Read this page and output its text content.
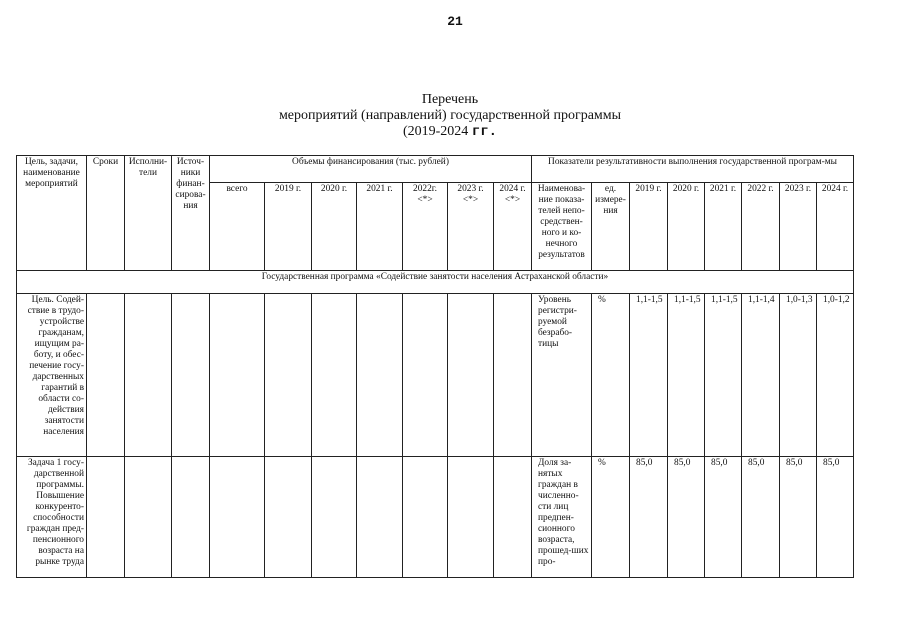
21
Перечень
мероприятий (направлений) государственной программы
(2019-2024 гг.
Цель, задачи, наименование мероприятий	Сроки	Исполни-тели	Источ-ники финан-сирова-ния	Объемы финансирования (тыс. рублей)							Показатели результативности выполнения государственной програм-мы							
				всего	2019 г.	2020 г.	2021 г.	2022г. <*>	2023 г. <*>	2024 г. <*>	Наименова-ние показа-телей непо-средствен-ного и ко-нечного результатов	ед. измере-ния	2019 г.	2020 г.	2021 г.	2022 г.	2023 г.	2024 г.
Государственная программа «Содействие занятости населения Астраханской области»																		
Цель. Содей-ствие в трудо-устройстве гражданам, ищущим ра-боту, и обес-печение госу-дарственных гарантий в области со-действия занятости населения											Уровень регистри-руемой безрабо-тицы	%	1,1-1,5	1,1-1,5	1,1-1,5	1,1-1,4	1,0-1,3	1,0-1,2
Задача 1 госу-дарственной программы. Повышение конкуренто-способности граждан пред-пенсионного возраста на рынке труда											Доля за-нятых граждан в численно-сти лиц предпен-сионного возраста, прошед-ших про-	%	85,0	85,0	85,0	85,0	85,0	85,0
